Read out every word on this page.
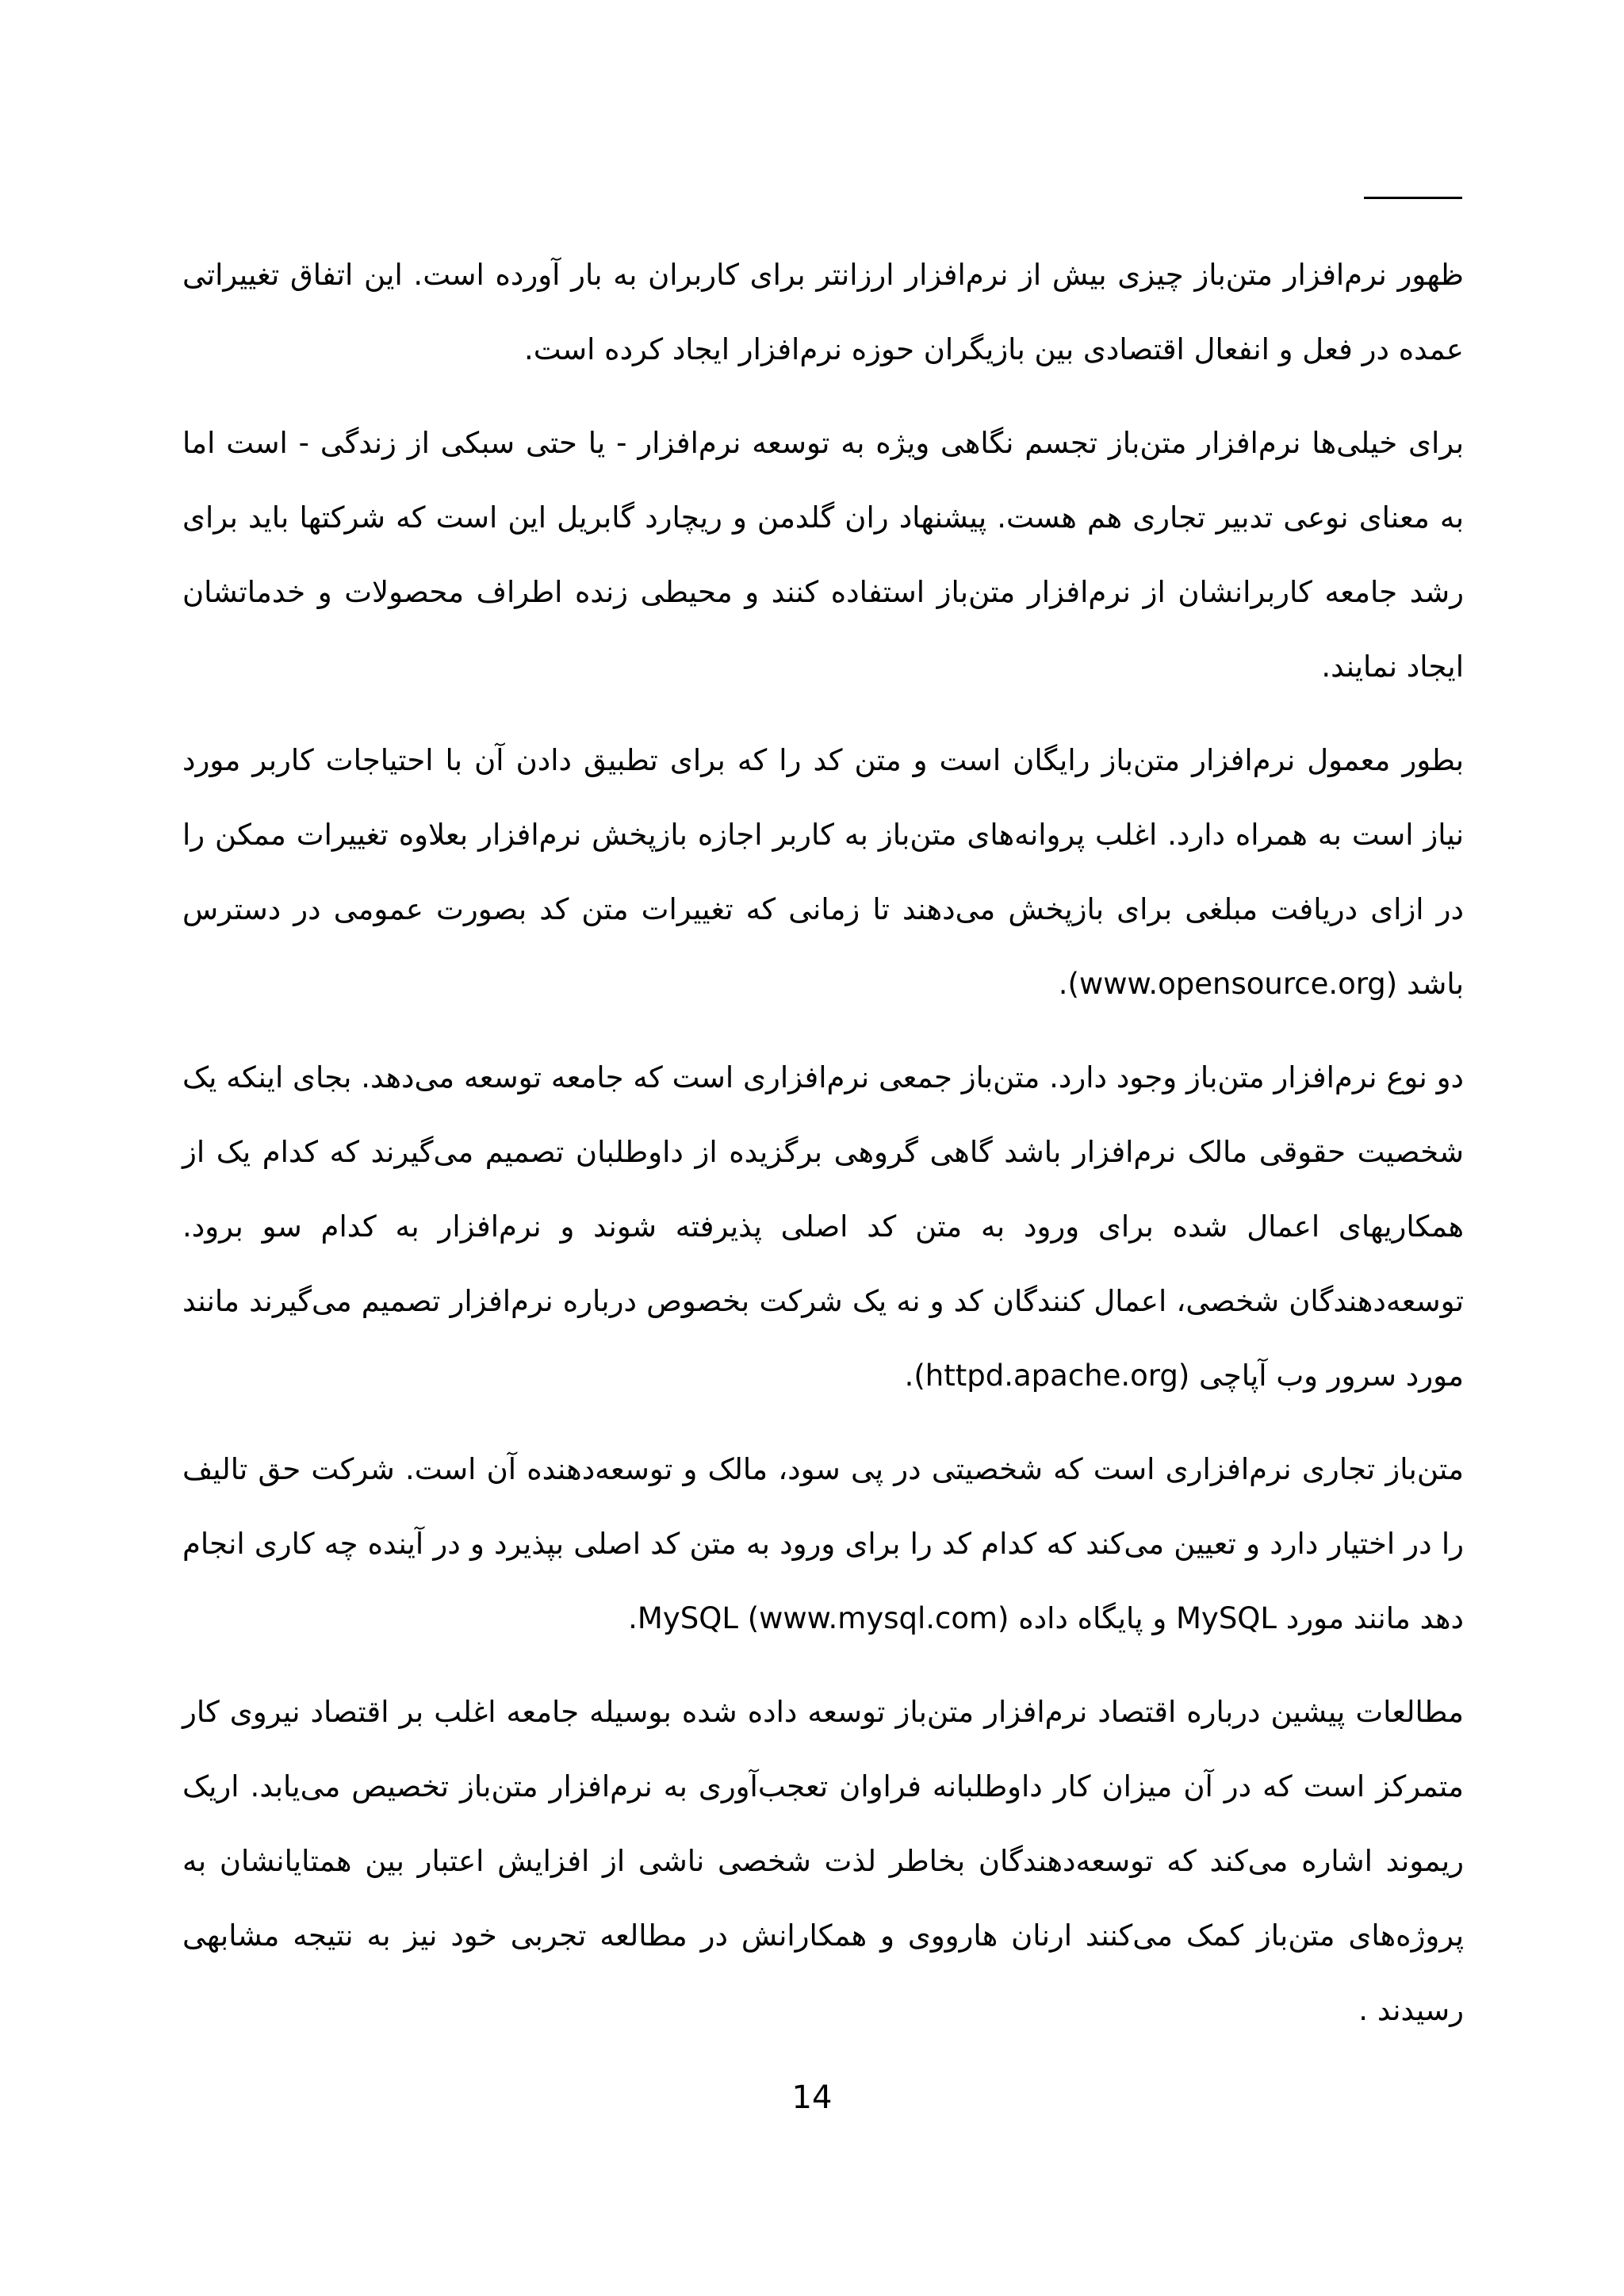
ظهور نرم‌افزار متن‌باز چیزی بیش از نرم‌افزار ارزانتر برای کاربران به بار آورده است. این اتفاق تغییراتی عمده در فعل و انفعال اقتصادی بین بازیگران حوزه نرم‌افزار ایجاد کرده است.

برای خیلی‌ها نرم‌افزار متن‌باز تجسم نگاهی ویژه به توسعه نرم‌افزار - یا حتی سبکی از زندگی - است اما به معنای نوعی تدبیر تجاری هم هست. پیشنهاد ران گلدمن و ریچارد گابریل این است که شرکتها باید برای رشد جامعه کاربرانشان از نرم‌افزار متن‌باز استفاده کنند و محیطی زنده اطراف محصولات و خدماتشان ایجاد نمایند.

بطور معمول نرم‌افزار متن‌باز رایگان است و متن کد را که برای تطبیق دادن آن با احتیاجات کاربر مورد نیاز است به همراه دارد. اغلب پروانه‌های متن‌باز به کاربر اجازه بازپخش نرم‌افزار بعلاوه تغییرات ممکن را در ازای دریافت مبلغی برای بازپخش می‌دهند تا زمانی که تغییرات متن کد بصورت عمومی در دسترس باشد (www.opensource.org).

دو نوع نرم‌افزار متن‌باز وجود دارد. متن‌باز جمعی نرم‌افزاری است که جامعه توسعه می‌دهد. بجای اینکه یک شخصیت حقوقی مالک نرم‌افزار باشد گاهی گروهی برگزیده از داوطلبان تصمیم می‌گیرند که کدام یک از همکاریهای اعمال شده برای ورود به متن کد اصلی پذیرفته شوند و نرم‌افزار به کدام سو برود. توسعه‌دهندگان شخصی، اعمال کنندگان کد و نه یک شرکت بخصوص درباره نرم‌افزار تصمیم می‌گیرند مانند مورد سرور وب آپاچی (httpd.apache.org).

متن‌باز تجاری نرم‌افزاری است که شخصیتی در پی سود، مالک و توسعه‌دهنده آن است. شرکت حق تالیف را در اختیار دارد و تعیین می‌کند که کدام کد را برای ورود به متن کد اصلی بپذیرد و در آینده چه کاری انجام دهد مانند مورد MySQL و پایگاه داده MySQL (www.mysql.com).

مطالعات پیشین درباره اقتصاد نرم‌افزار متن‌باز توسعه داده شده بوسیله جامعه اغلب بر اقتصاد نیروی کار متمرکز است که در آن میزان کار داوطلبانه فراوان تعجب‌آوری به نرم‌افزار متن‌باز تخصیص می‌یابد. اریک ریموند اشاره می‌کند که توسعه‌دهندگان بخاطر لذت شخصی ناشی از افزایش اعتبار بین همتایانشان به پروژه‌های متن‌باز کمک می‌کنند ارنان هارووی و همکارانش در مطالعه تجربی خود نیز به نتیجه مشابهی رسیدند .

14
